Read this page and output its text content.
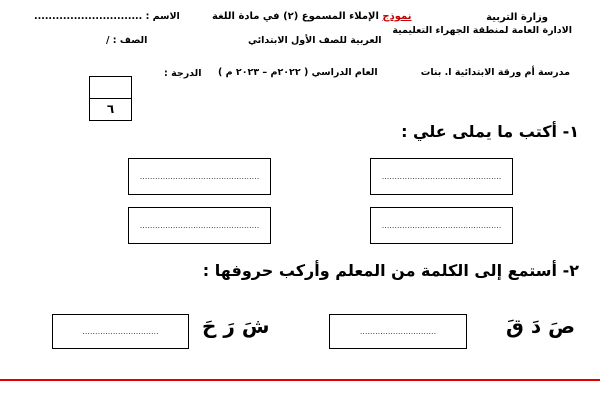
وزارة التربية
الادارة العامة لمنطقة الجهراء التعليمية
مدرسة أم ورقة الابتدائية ا. بنات
نموذج الإملاء المسموع (٢) في مادة اللغة
العربية للصف الأول الابتدائي
العام الدراسي ( ٢٠٢٢م – ٢٠٢٣ م )
الاسم : ..............................
الصف : /
الدرجة :
٦
١- أكتب ما يملى علي :
...............................................
...............................................
...............................................
...............................................
٢- أستمع إلى الكلمة من المعلم وأركب حروفها :
صَ دَ قَ
..............................
شَ رَ حَ
..............................
